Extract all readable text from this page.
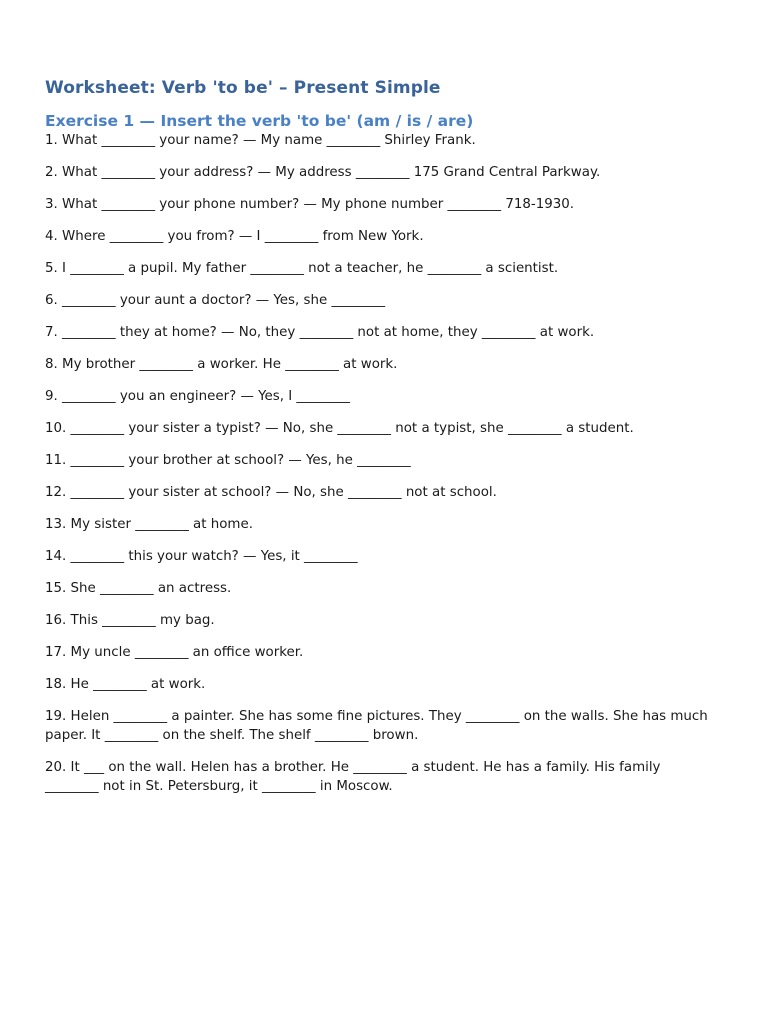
Worksheet: Verb 'to be' – Present Simple
Exercise 1 — Insert the verb 'to be' (am / is / are)
1. What ________ your name? — My name ________ Shirley Frank.
2. What ________ your address? — My address ________ 175 Grand Central Parkway.
3. What ________ your phone number? — My phone number ________ 718-1930.
4. Where ________ you from? — I ________ from New York.
5. I ________ a pupil. My father ________ not a teacher, he ________ a scientist.
6. ________ your aunt a doctor? — Yes, she ________
7. ________ they at home? — No, they ________ not at home, they ________ at work.
8. My brother ________ a worker. He ________ at work.
9. ________ you an engineer? — Yes, I ________
10. ________ your sister a typist? — No, she ________ not a typist, she ________ a student.
11. ________ your brother at school? — Yes, he ________
12. ________ your sister at school? — No, she ________ not at school.
13. My sister ________ at home.
14. ________ this your watch? — Yes, it ________
15. She ________ an actress.
16. This ________ my bag.
17. My uncle ________ an office worker.
18. He ________ at work.
19. Helen ________ a painter. She has some fine pictures. They ________ on the walls. She has much paper. It ________ on the shelf. The shelf ________ brown.
20. It ___ on the wall. Helen has a brother. He ________ a student. He has a family. His family ________ not in St. Petersburg, it ________ in Moscow.
